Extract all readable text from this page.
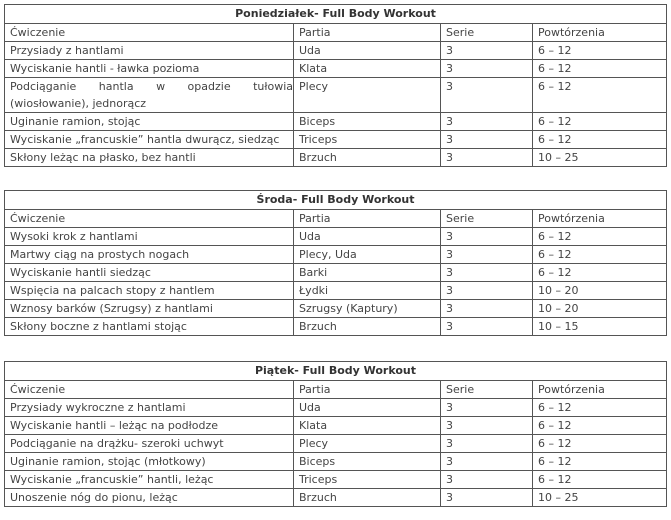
Poniedziałek- Full Body Workout			
Ćwiczenie	Partia	Serie	Powtórzenia
Przysiady z hantlami	Uda	3	6 – 12
Wyciskanie hantli - ławka pozioma	Klata	3	6 – 12
Podciąganie hantla w opadzie tułowia (wiosłowanie), jednorącz	Plecy	3	6 – 12
Uginanie ramion, stojąc	Biceps	3	6 – 12
Wyciskanie „francuskie” hantla dwurącz, siedząc	Triceps	3	6 – 12
Skłony leżąc na płasko, bez hantli	Brzuch	3	10 – 25
Środa- Full Body Workout			
Ćwiczenie	Partia	Serie	Powtórzenia
Wysoki krok z hantlami	Uda	3	6 – 12
Martwy ciąg na prostych nogach	Plecy, Uda	3	6 – 12
Wyciskanie hantli siedząc	Barki	3	6 – 12
Wspięcia na palcach stopy z hantlem	Łydki	3	10 – 20
Wznosy barków (Szrugsy) z hantlami	Szrugsy (Kaptury)	3	10 – 20
Skłony boczne z hantlami stojąc	Brzuch	3	10 – 15
Piątek- Full Body Workout			
Ćwiczenie	Partia	Serie	Powtórzenia
Przysiady wykroczne z hantlami	Uda	3	6 – 12
Wyciskanie hantli – leżąc na podłodze	Klata	3	6 – 12
Podciąganie na drążku- szeroki uchwyt	Plecy	3	6 – 12
Uginanie ramion, stojąc (młotkowy)	Biceps	3	6 – 12
Wyciskanie „francuskie” hantli, leżąc	Triceps	3	6 – 12
Unoszenie nóg do pionu, leżąc	Brzuch	3	10 – 25
